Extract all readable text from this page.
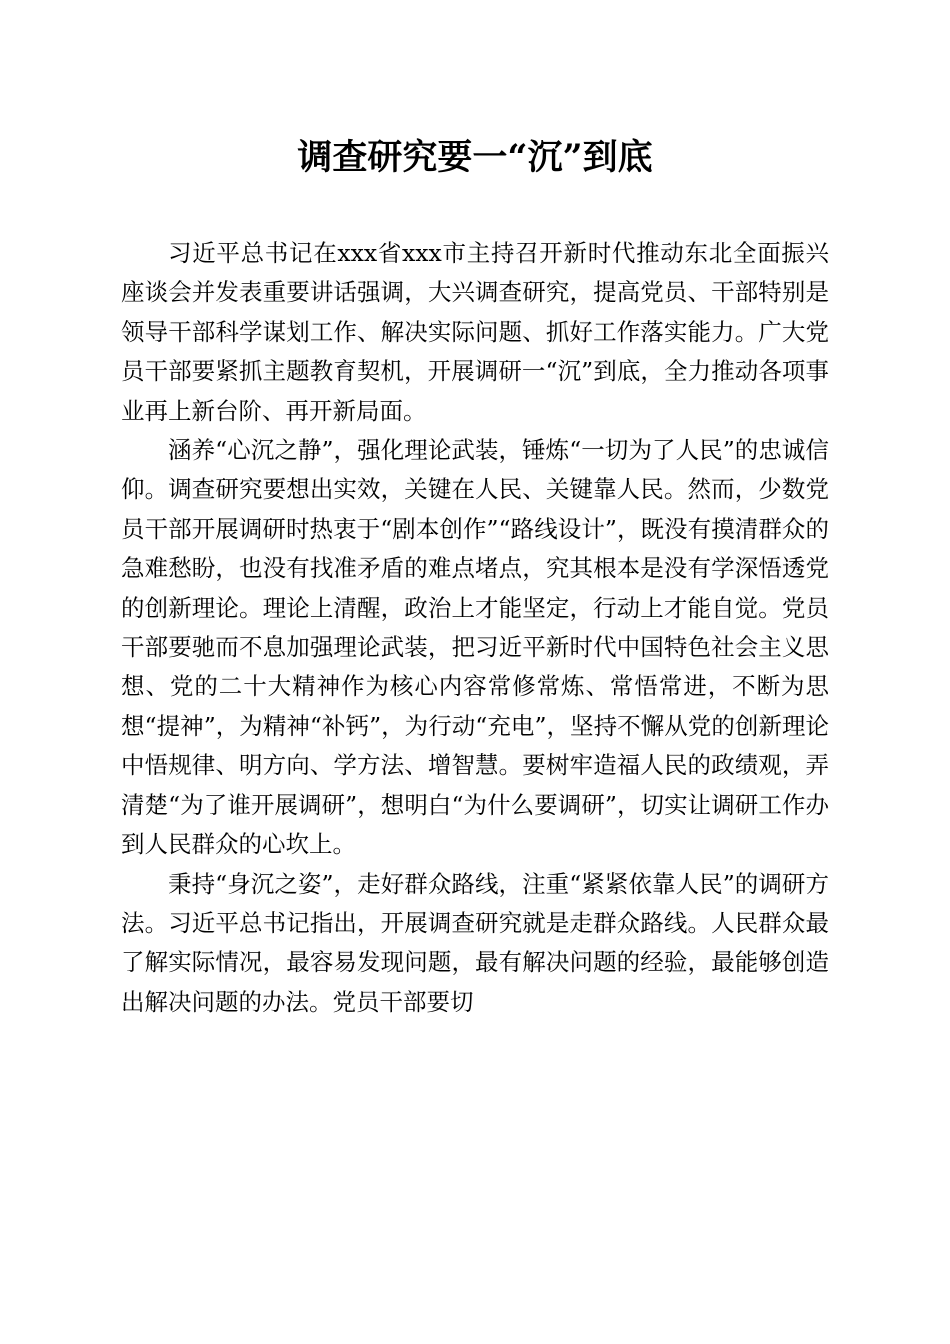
调查研究要一“沉”到底

习近平总书记在xxx省xxx市主持召开新时代推动东北全面振兴座谈会并发表重要讲话强调，大兴调查研究，提高党员、干部特别是领导干部科学谋划工作、解决实际问题、抓好工作落实能力。广大党员干部要紧抓主题教育契机，开展调研一“沉”到底，全力推动各项事业再上新台阶、再开新局面。

涵养“心沉之静”，强化理论武装，锤炼“一切为了人民”的忠诚信仰。调查研究要想出实效，关键在人民、关键靠人民。然而，少数党员干部开展调研时热衷于“剧本创作”“路线设计”，既没有摸清群众的急难愁盼，也没有找准矛盾的难点堵点，究其根本是没有学深悟透党的创新理论。理论上清醒，政治上才能坚定，行动上才能自觉。党员干部要驰而不息加强理论武装，把习近平新时代中国特色社会主义思想、党的二十大精神作为核心内容常修常炼、常悟常进，不断为思想“提神”，为精神“补钙”，为行动“充电”，坚持不懈从党的创新理论中悟规律、明方向、学方法、增智慧。要树牢造福人民的政绩观，弄清楚“为了谁开展调研”，想明白“为什么要调研”，切实让调研工作办到人民群众的心坎上。

秉持“身沉之姿”，走好群众路线，注重“紧紧依靠人民”的调研方法。习近平总书记指出，开展调查研究就是走群众路线。人民群众最了解实际情况，最容易发现问题，最有解决问题的经验，最能够创造出解决问题的办法。党员干部要切
